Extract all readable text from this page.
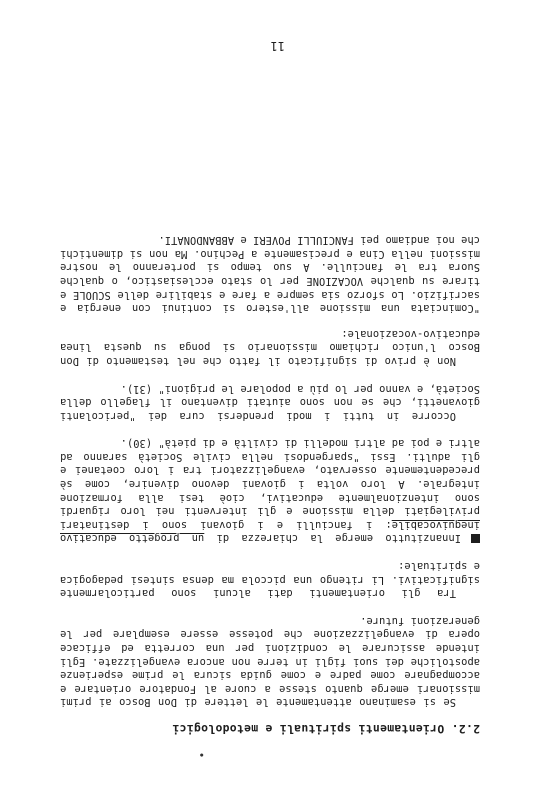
•
2.2. Orientamenti spirituali e metodologici

Se si esaminano attentamente le lettere di Don Bosco ai primi missionari emerge quanto stesse a cuore al Fondatore orientare e accompagnare come padre e come guida sicura le prime esperienze apostoliche dei suoi figli in terre non ancora evangelizzate. Egli intende assicurare le condizioni per una corretta ed efficace opera di evangelizzazione che potesse essere esemplare per le generazioni future.

Tra gli orientamenti dati alcuni sono particolarmente significativi. Li ritengo una piccola ma densa sintesi pedagogica e spirituale:

Innanzitutto emerge la chiarezza di un progetto educativo inequivocabile: i fanciulli e i giovani sono i destinatari privilegiati della missione e gli interventi nei loro riguardi sono intenzionalmente educativi, cioè tesi alla formazione integrale. A loro volta i giovani devono divenire, come sè precedentemente osservato, evangelizzatori tra i loro coetanei e gli adulti. Essi "spargendosi nella civile Società saranno ad altri e poi ad altri modelli di civiltà e di pietà" (30).

Occorre in tutti i modi prendersi cura dei "pericolanti giovanetti, che se non sono aiutati diventano il flagello della Società, e vanno per lo più a popolare le prigioni" (31).

Non è privo di significato il fatto che nel testamento di Don Bosco l'unico richiamo missionario si ponga su questa linea educativo-vocazionale:

"Cominciata una missione all'estero si continui con energia e sacrifizio. Lo sforzo sia sempre a fare e stabilire delle SCUOLE e tirare su qualche VOCAZIONE per lo stato ecclesiastico, o qualche Suora tra le fanciulle. A suo tempo si porteranno le nostre missioni nella Cina e precisamente a Pechino. Ma non si dimentichi che noi andiamo pei FANCIULLI POVERI e ABBANDONATI.

11
